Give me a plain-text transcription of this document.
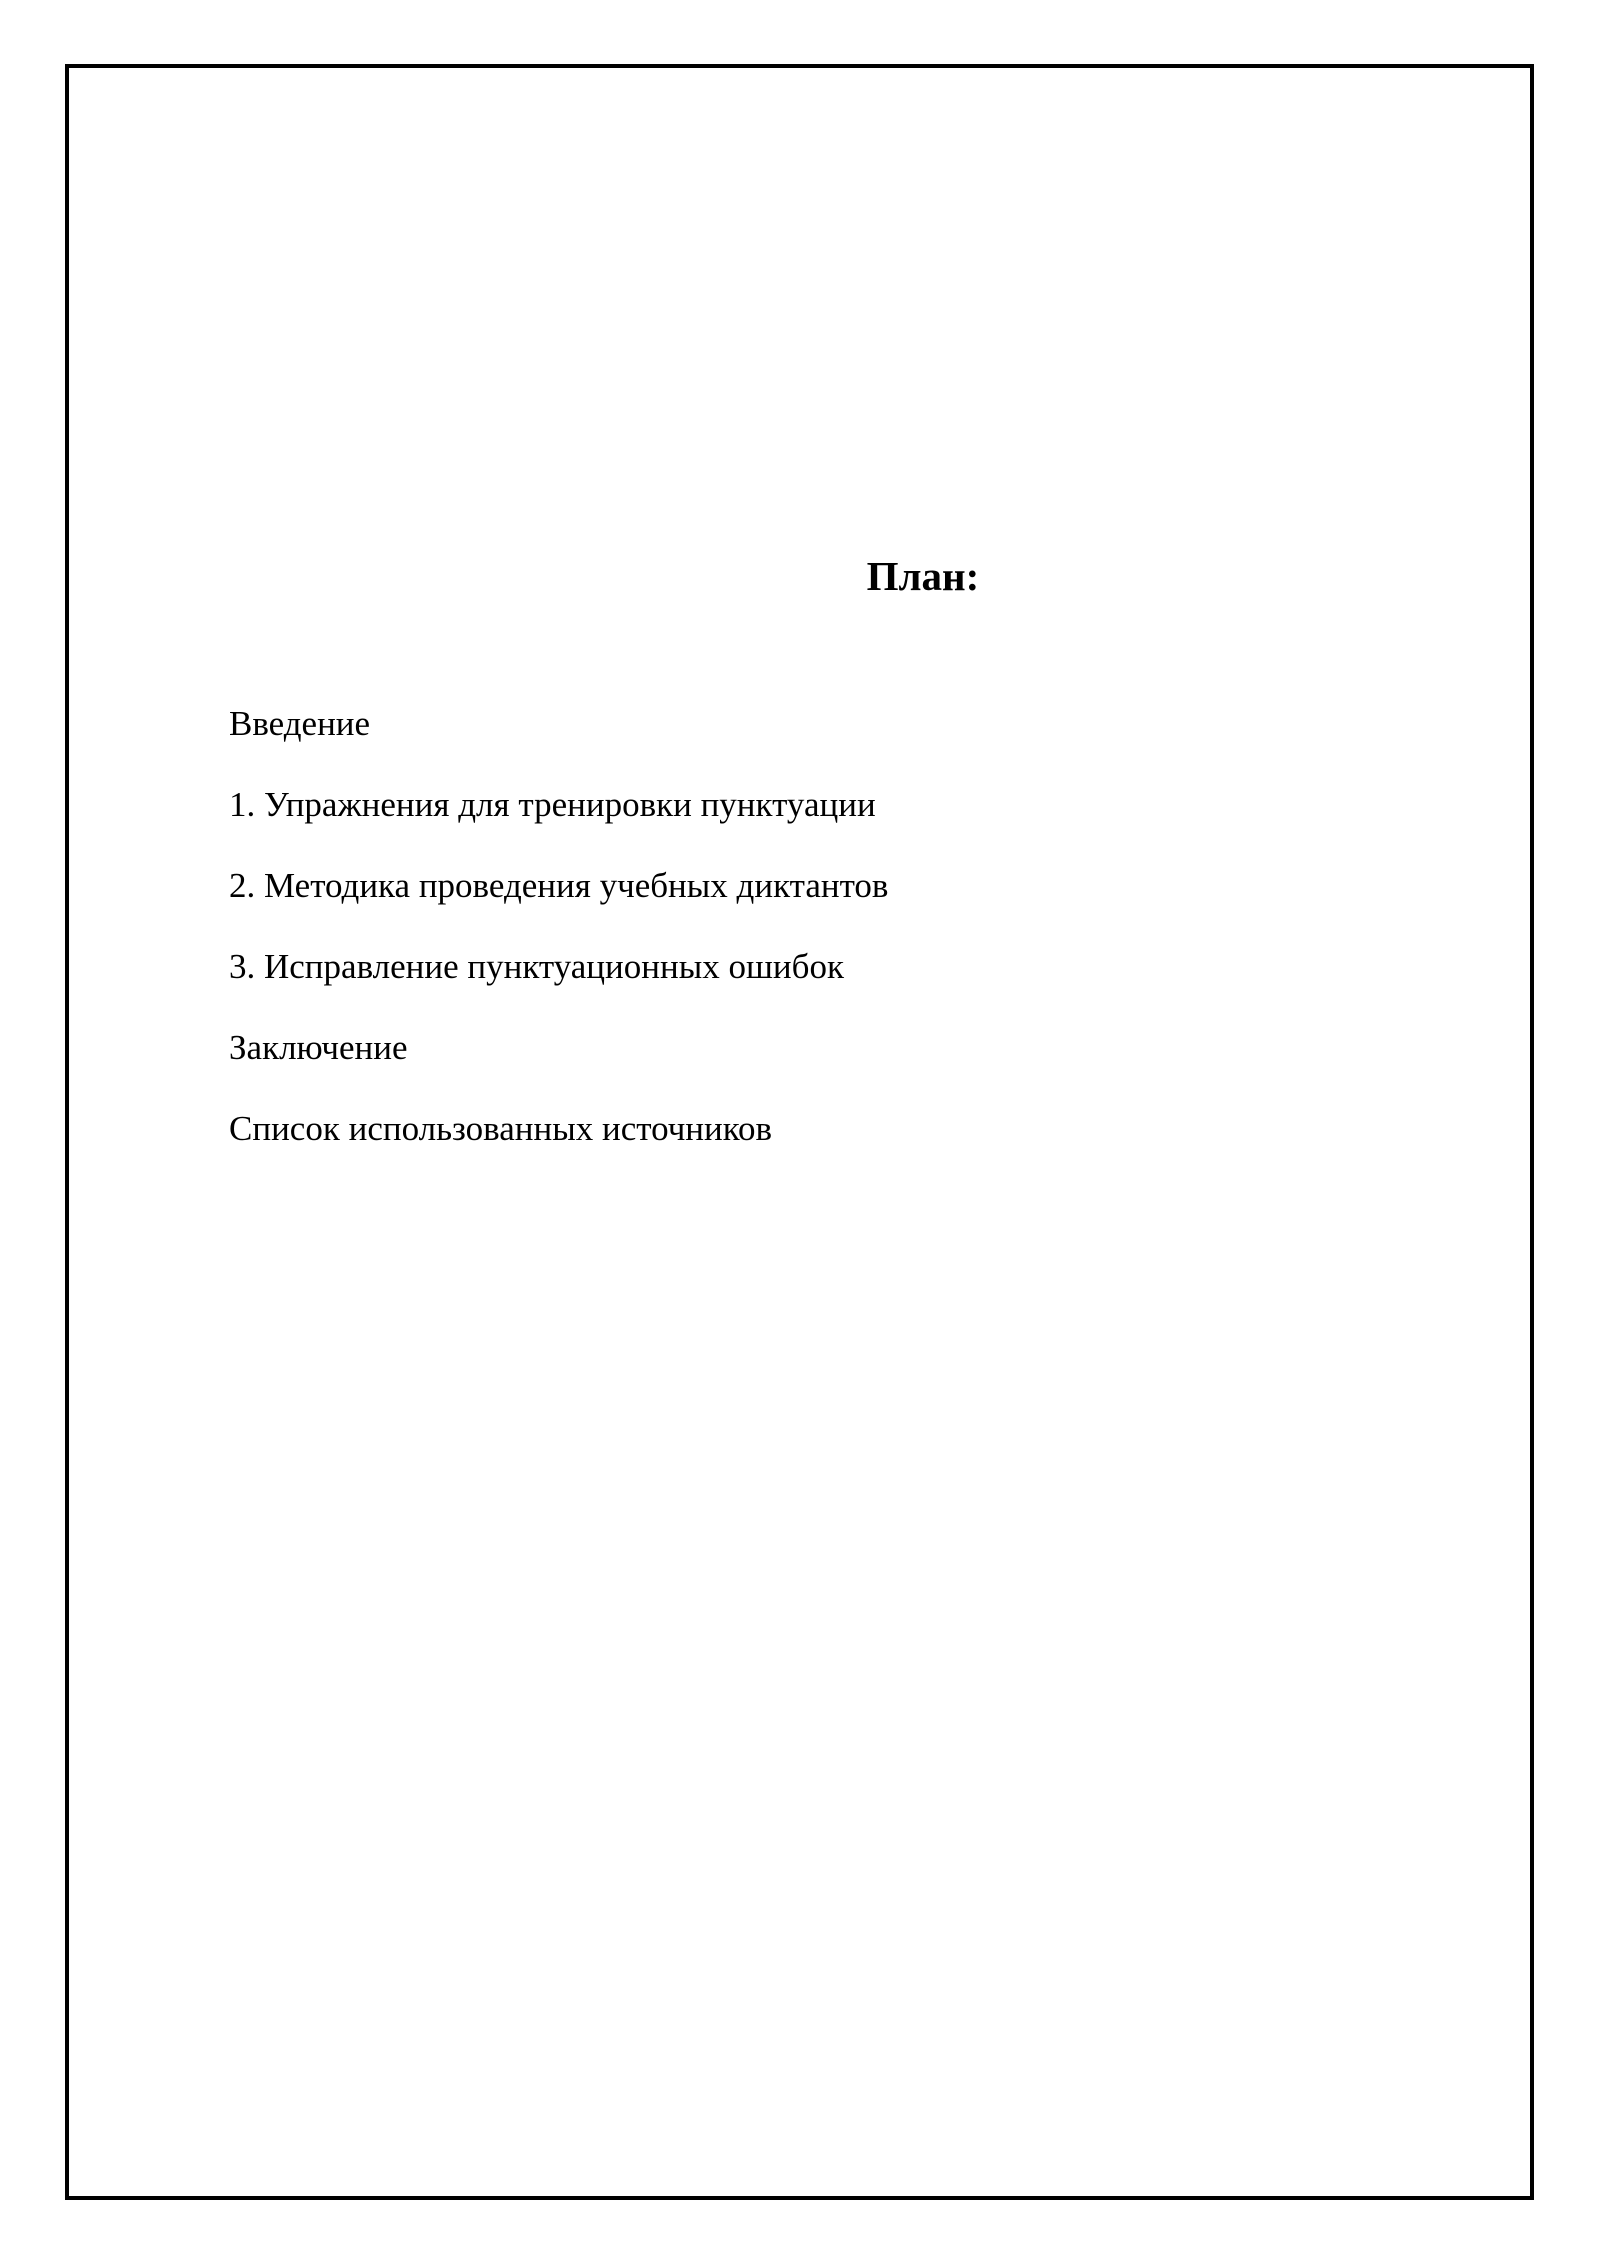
План:
Введение
1. Упражнения для тренировки пунктуации
2. Методика проведения учебных диктантов
3. Исправление пунктуационных ошибок
Заключение
Список использованных источников
